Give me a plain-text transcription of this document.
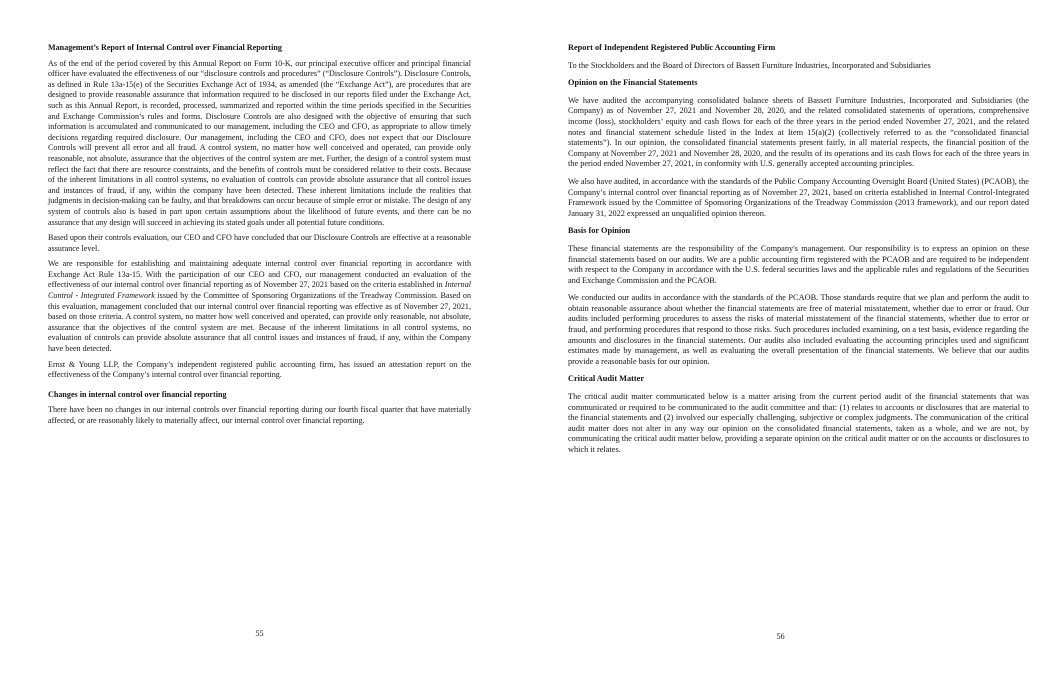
Management’s Report of Internal Control over Financial Reporting

As of the end of the period covered by this Annual Report on Form 10-K, our principal executive officer and principal financial officer have evaluated the effectiveness of our “disclosure controls and procedures” (“Disclosure Controls”). Disclosure Controls, as defined in Rule 13a-15(e) of the Securities Exchange Act of 1934, as amended (the “Exchange Act”), are procedures that are designed to provide reasonable assurance that information required to be disclosed in our reports filed under the Exchange Act, such as this Annual Report, is recorded, processed, summarized and reported within the time periods specified in the Securities and Exchange Commission’s rules and forms. Disclosure Controls are also designed with the objective of ensuring that such information is accumulated and communicated to our management, including the CEO and CFO, as appropriate to allow timely decisions regarding required disclosure. Our management, including the CEO and CFO, does not expect that our Disclosure Controls will prevent all error and all fraud. A control system, no matter how well conceived and operated, can provide only reasonable, not absolute, assurance that the objectives of the control system are met. Further, the design of a control system must reflect the fact that there are resource constraints, and the benefits of controls must be considered relative to their costs. Because of the inherent limitations in all control systems, no evaluation of controls can provide absolute assurance that all control issues and instances of fraud, if any, within the company have been detected. These inherent limitations include the realities that judgments in decision-making can be faulty, and that breakdowns can occur because of simple error or mistake. The design of any system of controls also is based in part upon certain assumptions about the likelihood of future events, and there can be no assurance that any design will succeed in achieving its stated goals under all potential future conditions.

Based upon their controls evaluation, our CEO and CFO have concluded that our Disclosure Controls are effective at a reasonable assurance level.

We are responsible for establishing and maintaining adequate internal control over financial reporting in accordance with Exchange Act Rule 13a-15. With the participation of our CEO and CFO, our management conducted an evaluation of the effectiveness of our internal control over financial reporting as of November 27, 2021 based on the criteria established in Internal Control - Integrated Framework issued by the Committee of Sponsoring Organizations of the Treadway Commission. Based on this evaluation, management concluded that our internal control over financial reporting was effective as of November 27, 2021, based on those criteria. A control system, no matter how well conceived and operated, can provide only reasonable, not absolute, assurance that the objectives of the control system are met. Because of the inherent limitations in all control systems, no evaluation of controls can provide absolute assurance that all control issues and instances of fraud, if any, within the Company have been detected.

Ernst & Young LLP, the Company’s independent registered public accounting firm, has issued an attestation report on the effectiveness of the Company’s internal control over financial reporting.

Changes in internal control over financial reporting

There have been no changes in our internal controls over financial reporting during our fourth fiscal quarter that have materially affected, or are reasonably likely to materially affect, our internal control over financial reporting.

Report of Independent Registered Public Accounting Firm

To the Stockholders and the Board of Directors of Bassett Furniture Industries, Incorporated and Subsidiaries

Opinion on the Financial Statements

We have audited the accompanying consolidated balance sheets of Bassett Furniture Industries, Incorporated and Subsidiaries (the Company) as of November 27, 2021 and November 28, 2020, and the related consolidated statements of operations, comprehensive income (loss), stockholders’ equity and cash flows for each of the three years in the period ended November 27, 2021, and the related notes and financial statement schedule listed in the Index at Item 15(a)(2) (collectively referred to as the “consolidated financial statements”). In our opinion, the consolidated financial statements present fairly, in all material respects, the financial position of the Company at November 27, 2021 and November 28, 2020, and the results of its operations and its cash flows for each of the three years in the period ended November 27, 2021, in conformity with U.S. generally accepted accounting principles.

We also have audited, in accordance with the standards of the Public Company Accounting Oversight Board (United States) (PCAOB), the Company’s internal control over financial reporting as of November 27, 2021, based on criteria established in Internal Control-Integrated Framework issued by the Committee of Sponsoring Organizations of the Treadway Commission (2013 framework), and our report dated January 31, 2022 expressed an unqualified opinion thereon.

Basis for Opinion

These financial statements are the responsibility of the Company's management. Our responsibility is to express an opinion on these financial statements based on our audits. We are a public accounting firm registered with the PCAOB and are required to be independent with respect to the Company in accordance with the U.S. federal securities laws and the applicable rules and regulations of the Securities and Exchange Commission and the PCAOB.

We conducted our audits in accordance with the standards of the PCAOB. Those standards require that we plan and perform the audit to obtain reasonable assurance about whether the financial statements are free of material misstatement, whether due to error or fraud. Our audits included performing procedures to assess the risks of material misstatement of the financial statements, whether due to error or fraud, and performing procedures that respond to those risks. Such procedures included examining, on a test basis, evidence regarding the amounts and disclosures in the financial statements. Our audits also included evaluating the accounting principles used and significant estimates made by management, as well as evaluating the overall presentation of the financial statements. We believe that our audits provide a reasonable basis for our opinion.

Critical Audit Matter

The critical audit matter communicated below is a matter arising from the current period audit of the financial statements that was communicated or required to be communicated to the audit committee and that: (1) relates to accounts or disclosures that are material to the financial statements and (2) involved our especially challenging, subjective or complex judgments. The communication of the critical audit matter does not alter in any way our opinion on the consolidated financial statements, taken as a whole, and we are not, by communicating the critical audit matter below, providing a separate opinion on the critical audit matter or on the accounts or disclosures to which it relates.

55	56
